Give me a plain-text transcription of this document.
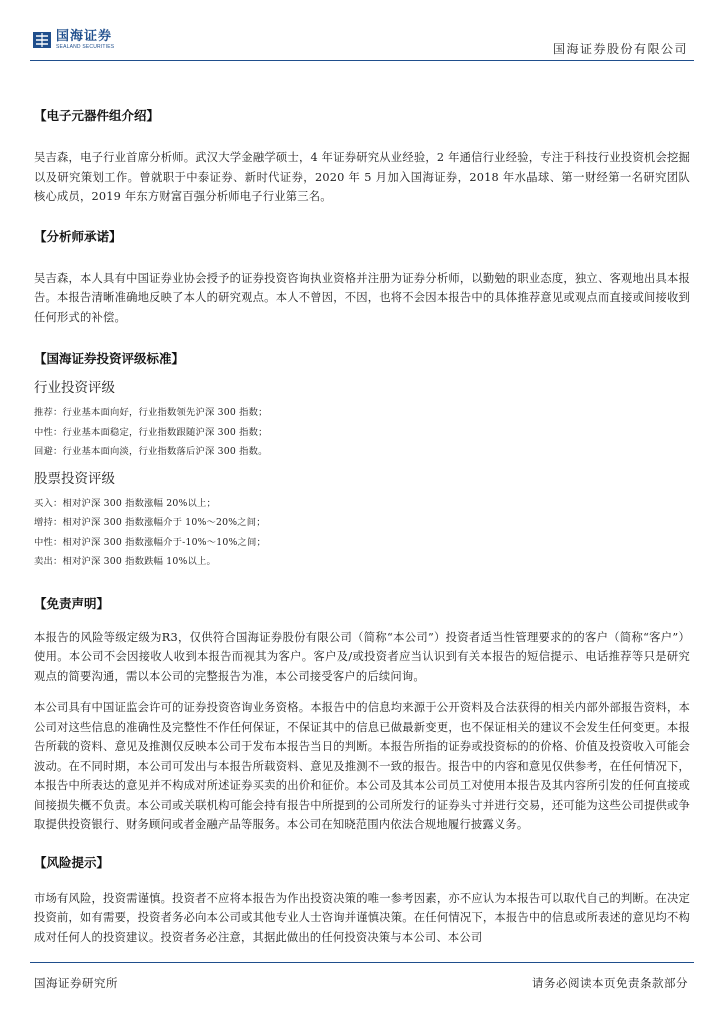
国海证券
SEALAND SECURITIES	国海证券股份有限公司

【电子元器件组介绍】

吴吉森，电子行业首席分析师。武汉大学金融学硕士，4 年证券研究从业经验，2 年通信行业经验，专注于科技行业投资机会挖掘以及研究策划工作。曾就职于中泰证券、新时代证券，2020 年 5 月加入国海证券，2018 年水晶球、第一财经第一名研究团队核心成员，2019 年东方财富百强分析师电子行业第三名。

【分析师承诺】

吴吉森，本人具有中国证券业协会授予的证券投资咨询执业资格并注册为证券分析师，以勤勉的职业态度，独立、客观地出具本报告。本报告清晰准确地反映了本人的研究观点。本人不曾因，不因，也将不会因本报告中的具体推荐意见或观点而直接或间接收到任何形式的补偿。

【国海证券投资评级标准】

行业投资评级

推荐：行业基本面向好，行业指数领先沪深 300 指数；

中性：行业基本面稳定，行业指数跟随沪深 300 指数；

回避：行业基本面向淡，行业指数落后沪深 300 指数。

股票投资评级

买入：相对沪深 300 指数涨幅 20%以上；

增持：相对沪深 300 指数涨幅介于 10%～20%之间；

中性：相对沪深 300 指数涨幅介于-10%～10%之间；

卖出：相对沪深 300 指数跌幅 10%以上。

【免责声明】

本报告的风险等级定级为R3，仅供符合国海证券股份有限公司（简称“本公司”）投资者适当性管理要求的的客户（简称“客户”）使用。本公司不会因接收人收到本报告而视其为客户。客户及/或投资者应当认识到有关本报告的短信提示、电话推荐等只是研究观点的简要沟通，需以本公司的完整报告为准，本公司接受客户的后续问询。

本公司具有中国证监会许可的证券投资咨询业务资格。本报告中的信息均来源于公开资料及合法获得的相关内部外部报告资料，本公司对这些信息的准确性及完整性不作任何保证，不保证其中的信息已做最新变更，也不保证相关的建议不会发生任何变更。本报告所载的资料、意见及推测仅反映本公司于发布本报告当日的判断。本报告所指的证券或投资标的的价格、价值及投资收入可能会波动。在不同时期，本公司可发出与本报告所载资料、意见及推测不一致的报告。报告中的内容和意见仅供参考，在任何情况下，本报告中所表达的意见并不构成对所述证券买卖的出价和征价。本公司及其本公司员工对使用本报告及其内容所引发的任何直接或间接损失概不负责。本公司或关联机构可能会持有报告中所提到的公司所发行的证券头寸并进行交易，还可能为这些公司提供或争取提供投资银行、财务顾问或者金融产品等服务。本公司在知晓范围内依法合规地履行披露义务。

【风险提示】

市场有风险，投资需谨慎。投资者不应将本报告为作出投资决策的唯一参考因素，亦不应认为本报告可以取代自己的判断。在决定投资前，如有需要，投资者务必向本公司或其他专业人士咨询并谨慎决策。在任何情况下，本报告中的信息或所表述的意见均不构成对任何人的投资建议。投资者务必注意，其据此做出的任何投资决策与本公司、本公司

国海证券研究所	请务必阅读本页免责条款部分
